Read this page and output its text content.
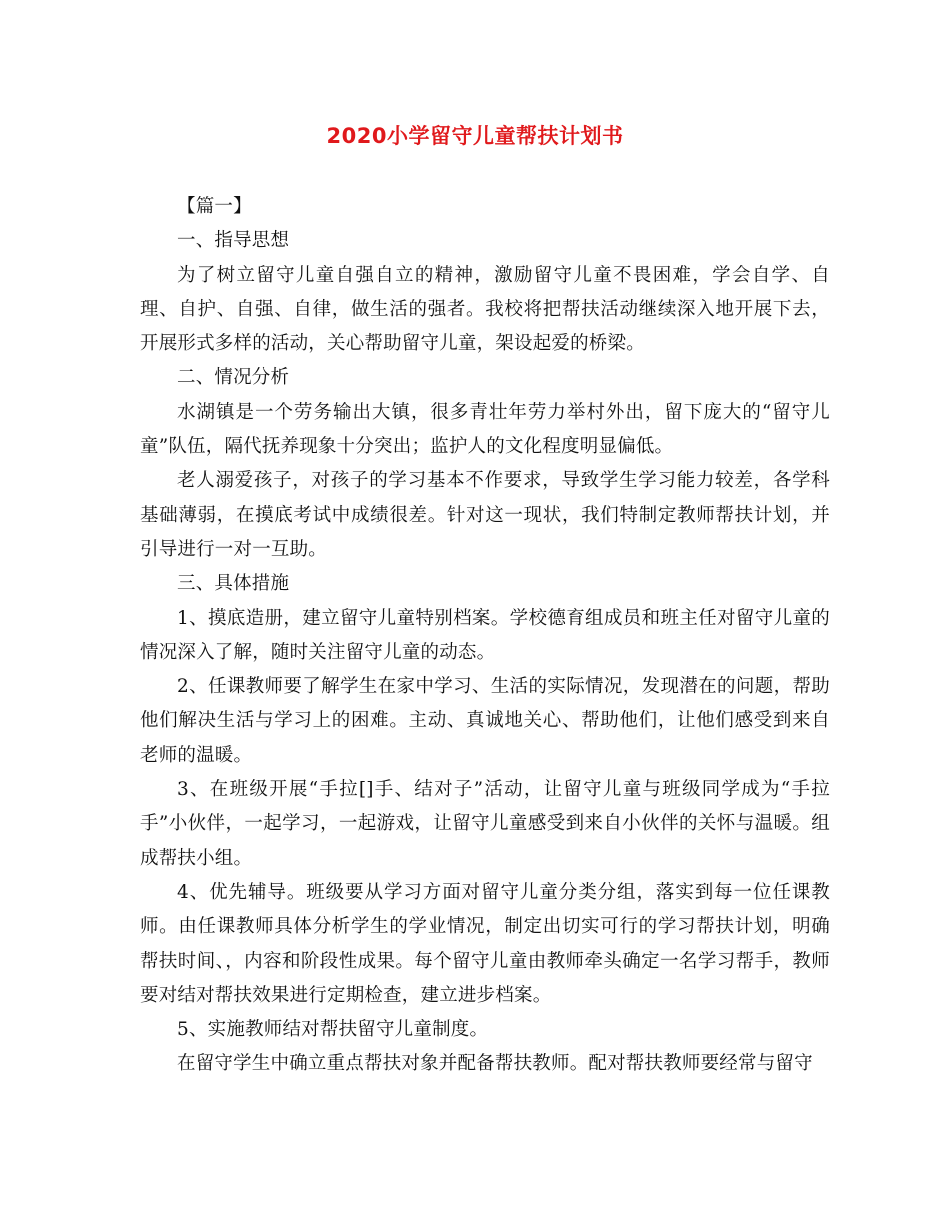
2020小学留守儿童帮扶计划书

【篇一】

一、指导思想

为了树立留守儿童自强自立的精神，激励留守儿童不畏困难，学会自学、自理、自护、自强、自律，做生活的强者。我校将把帮扶活动继续深入地开展下去，开展形式多样的活动，关心帮助留守儿童，架设起爱的桥梁。

二、情况分析

水湖镇是一个劳务输出大镇，很多青壮年劳力举村外出，留下庞大的“留守儿童”队伍，隔代抚养现象十分突出；监护人的文化程度明显偏低。

老人溺爱孩子，对孩子的学习基本不作要求，导致学生学习能力较差，各学科基础薄弱，在摸底考试中成绩很差。针对这一现状，我们特制定教师帮扶计划，并引导进行一对一互助。

三、具体措施

1、摸底造册，建立留守儿童特别档案。学校德育组成员和班主任对留守儿童的情况深入了解，随时关注留守儿童的动态。

2、任课教师要了解学生在家中学习、生活的实际情况，发现潜在的问题，帮助他们解决生活与学习上的困难。主动、真诚地关心、帮助他们，让他们感受到来自老师的温暖。

3、在班级开展“手拉[]手、结对子”活动，让留守儿童与班级同学成为“手拉手”小伙伴，一起学习，一起游戏，让留守儿童感受到来自小伙伴的关怀与温暖。组成帮扶小组。

4、优先辅导。班级要从学习方面对留守儿童分类分组，落实到每一位任课教师。由任课教师具体分析学生的学业情况，制定出切实可行的学习帮扶计划，明确帮扶时间、，内容和阶段性成果。每个留守儿童由教师牵头确定一名学习帮手，教师要对结对帮扶效果进行定期检查，建立进步档案。

5、实施教师结对帮扶留守儿童制度。

在留守学生中确立重点帮扶对象并配备帮扶教师。配对帮扶教师要经常与留守
